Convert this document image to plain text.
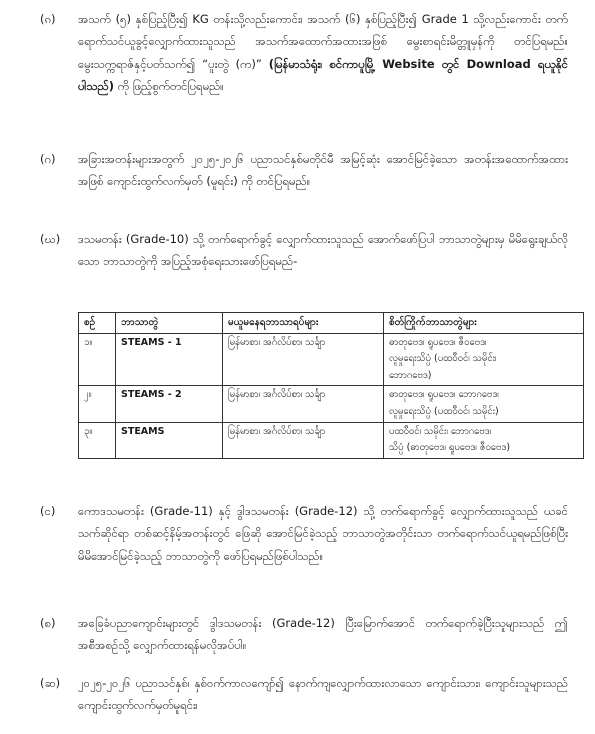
(ၵ) အသက် (၅) နှစ်ပြည့်ပြီး၍ KG တန်းသို့လည်းကောင်း၊ အသက် (၆) နှစ်ပြည့်ပြီး၍ Grade 1 သို့လည်းကောင်း တက်ရောက်သင်ယူခွင့်လျှောက်ထားသူသည် အသက်အထောက်အထားအဖြစ် မွေးစာရင်းမိတ္တူမှန်ကို တင်ပြရမည်။ မွေးသက္ကရာဇ်နှင့်ပတ်သက်၍ “ပူးတွဲ (က)” (မြန်မာသံရုံး၊ စင်ကာပူမြို့ Website တွင် Download ရယူနိုင်ပါသည်) ကို ဖြည့်စွက်တင်ပြရမည်။

(ဂ) အခြားအတန်းများအတွက် ၂၀၂၅-၂၀၂၆ ပညာသင်နှစ်မတိုင်မီ အမြင့်ဆုံး အောင်မြင်ခဲ့သော အတန်းအထောက်အထားအဖြစ် ကျောင်းထွက်လက်မှတ် (မူရင်း) ကို တင်ပြရမည်။

(ဃ) ဒသမတန်း (Grade-10) သို့ တက်ရောက်ခွင့် လျှောက်ထားသူသည် အောက်ဖော်ပြပါ ဘာသာတွဲများမှ မိမိရွေးချယ်လိုသော ဘာသာတွဲကို အပြည့်အစုံရေးသားဖော်ပြရမည်-

စဉ်	ဘာသာတွဲ	မယူမနေရဘာသာရပ်များ	စိတ်ကြိုက်ဘာသာတွဲများ
၁။	STEAMS - 1	မြန်မာစာ၊ အင်္ဂလိပ်စာ၊ သင်္ချာ	ဓာတုဗေဒ၊ ရူပဗေဒ၊ ဇီဝဗေဒ၊
လူမှုရေးသိပ္ပံ (ပထဝီဝင်၊ သမိုင်း၊
ဘောဂဗေဒ)

၂။	STEAMS - 2	မြန်မာစာ၊ အင်္ဂလိပ်စာ၊ သင်္ချာ	ဓာတုဗေဒ၊ ရူပဗေဒ၊ ဘောဂဗေဒ၊
လူမှုရေးသိပ္ပံ (ပထဝီဝင်၊ သမိုင်း)

၃။	STEAMS	မြန်မာစာ၊ အင်္ဂလိပ်စာ၊ သင်္ချာ	ပထဝီဝင်၊ သမိုင်း၊ ဘောဂဗေဒ၊
သိပ္ပံ (ဓာတုဗေဒ၊ ရူပဗေဒ၊ ဇီဝဗေဒ)
(င) ကောဒသမတန်း (Grade-11) နှင့် ဒွါဒသမတန်း (Grade-12) သို့ တက်ရောက်ခွင့် လျှောက်ထားသူသည် ယခင်သက်ဆိုင်ရာ တစ်ဆင့်နိမ့်အတန်းတွင် ဖြေဆို အောင်မြင်ခဲ့သည့် ဘာသာတွဲအတိုင်းသာ တက်ရောက်သင်ယူရမည်ဖြစ်ပြီး မိမိအောင်မြင်ခဲ့သည့် ဘာသာတွဲကို ဖော်ပြရမည်ဖြစ်ပါသည်။

(စ) အခြေခံပညာကျောင်းများတွင် ဒွါဒသမတန်း (Grade-12) ပြီးမြောက်အောင် တက်ရောက်ခဲ့ပြီးသူများသည် ဤအစီအစဉ်သို့ လျှောက်ထားရန်မလိုအပ်ပါ။

(ဆ) ၂၀၂၅-၂၀၂၆ ပညာသင်နှစ်၊ နှစ်ဝက်ကာလကျော်၍ နောက်ကျလျှောက်ထားလာသော ကျောင်းသား၊ ကျောင်းသူများသည် ကျောင်းထွက်လက်မှတ်မူရင်း၊
